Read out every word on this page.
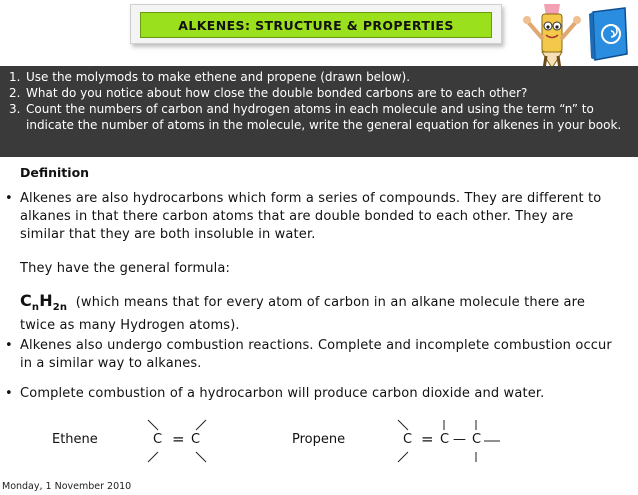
ALKENES: STRUCTURE & PROPERTIES
1. Use the molymods to make ethene and propene (drawn below).
2. What do you notice about how close the double bonded carbons are to each other?
3. Count the numbers of carbon and hydrogen atoms in each molecule and using the term “n” to indicate the number of atoms in the molecule, write the general equation for alkenes in your book.
Definition
• Alkenes are also hydrocarbons which form a series of compounds. They are different to alkanes in that there carbon atoms that are double bonded to each other. They are similar that they are both insoluble in water.
They have the general formula:
$C_nH_{2n}$ (which means that for every atom of carbon in an alkane molecule there are twice as many Hydrogen atoms).
• Alkenes also undergo combustion reactions. Complete and incomplete combustion occur in a similar way to alkanes.
• Complete combustion of a hydrocarbon will produce carbon dioxide and water.
Ethene	C = C	Propene	C = C — C
Monday, 1 November 2010
